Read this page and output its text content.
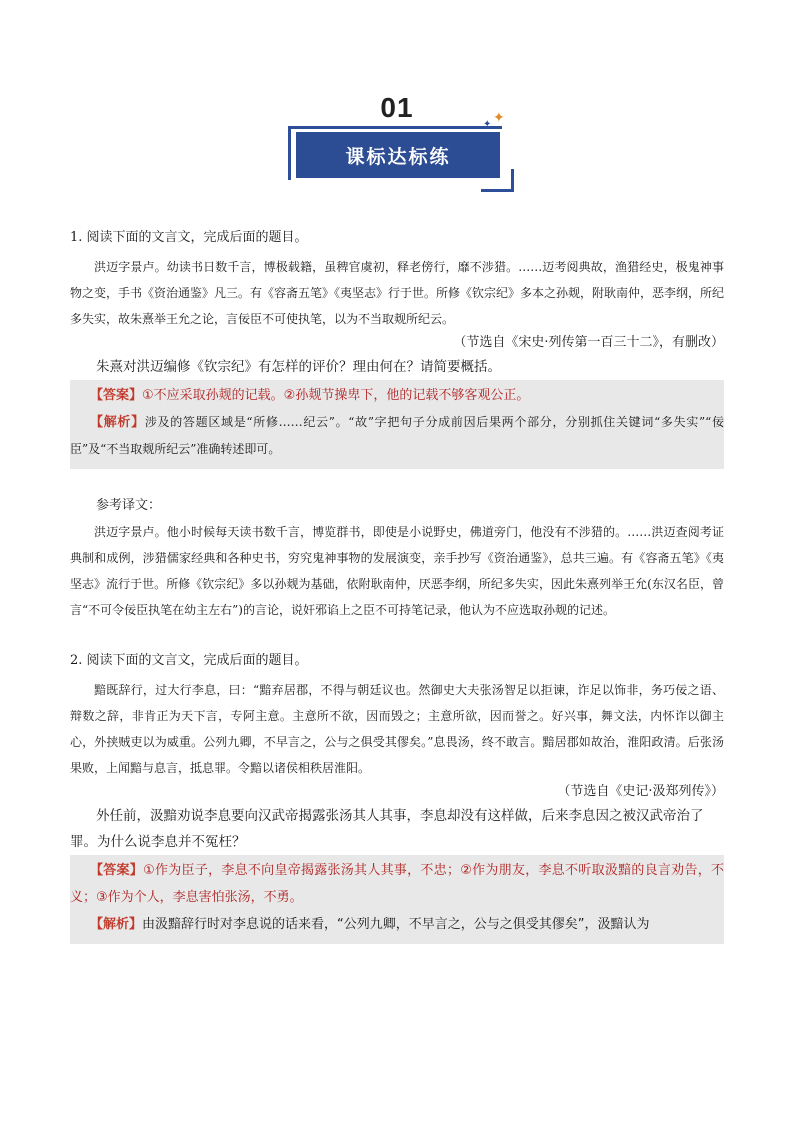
01	✦
✦
课标达标练

1. 阅读下面的文言文，完成后面的题目。

洪迈字景卢。幼读书日数千言，博极载籍，虽稗官虞初，释老傍行，靡不涉猎。……迈考阅典故，渔猎经史，极鬼神事物之变，手书《资治通鉴》凡三。有《容斋五笔》《夷坚志》行于世。所修《钦宗纪》多本之孙觌，附耿南仲，恶李纲，所纪多失实，故朱熹举王允之论，言佞臣不可使执笔，以为不当取觌所纪云。

（节选自《宋史·列传第一百三十二》，有删改）

朱熹对洪迈编修《钦宗纪》有怎样的评价？理由何在？请简要概括。

【答案】①不应采取孙觌的记载。②孙觌节操卑下，他的记载不够客观公正。

【解析】涉及的答题区域是“所修……纪云”。“故”字把句子分成前因后果两个部分，分别抓住关键词“多失实”“佞臣”及“不当取觌所纪云”准确转述即可。

参考译文：

洪迈字景卢。他小时候每天读书数千言，博览群书，即使是小说野史，佛道旁门，他没有不涉猎的。……洪迈查阅考证典制和成例，涉猎儒家经典和各种史书，穷究鬼神事物的发展演变，亲手抄写《资治通鉴》，总共三遍。有《容斋五笔》《夷坚志》流行于世。所修《钦宗纪》多以孙觌为基础，依附耿南仲，厌恶李纲，所纪多失实，因此朱熹列举王允(东汉名臣，曾言“不可令佞臣执笔在幼主左右”)的言论，说奸邪谄上之臣不可持笔记录，他认为不应选取孙觌的记述。

2. 阅读下面的文言文，完成后面的题目。

黯既辞行，过大行李息，曰：“黯弃居郡，不得与朝廷议也。然御史大夫张汤智足以拒谏，诈足以饰非，务巧佞之语、辩数之辞，非肯正为天下言，专阿主意。主意所不欲，因而毁之；主意所欲，因而誉之。好兴事，舞文法，内怀诈以御主心，外挟贼吏以为威重。公列九卿，不早言之，公与之俱受其僇矣。”息畏汤，终不敢言。黯居郡如故治，淮阳政清。后张汤果败，上闻黯与息言，抵息罪。令黯以诸侯相秩居淮阳。

（节选自《史记·汲郑列传》）

外任前，汲黯劝说李息要向汉武帝揭露张汤其人其事，李息却没有这样做，后来李息因之被汉武帝治了罪。为什么说李息并不冤枉？

【答案】①作为臣子，李息不向皇帝揭露张汤其人其事，不忠；②作为朋友，李息不听取汲黯的良言劝告，不义；③作为个人，李息害怕张汤，不勇。

【解析】由汲黯辞行时对李息说的话来看，“公列九卿，不早言之，公与之俱受其僇矣”，汲黯认为
